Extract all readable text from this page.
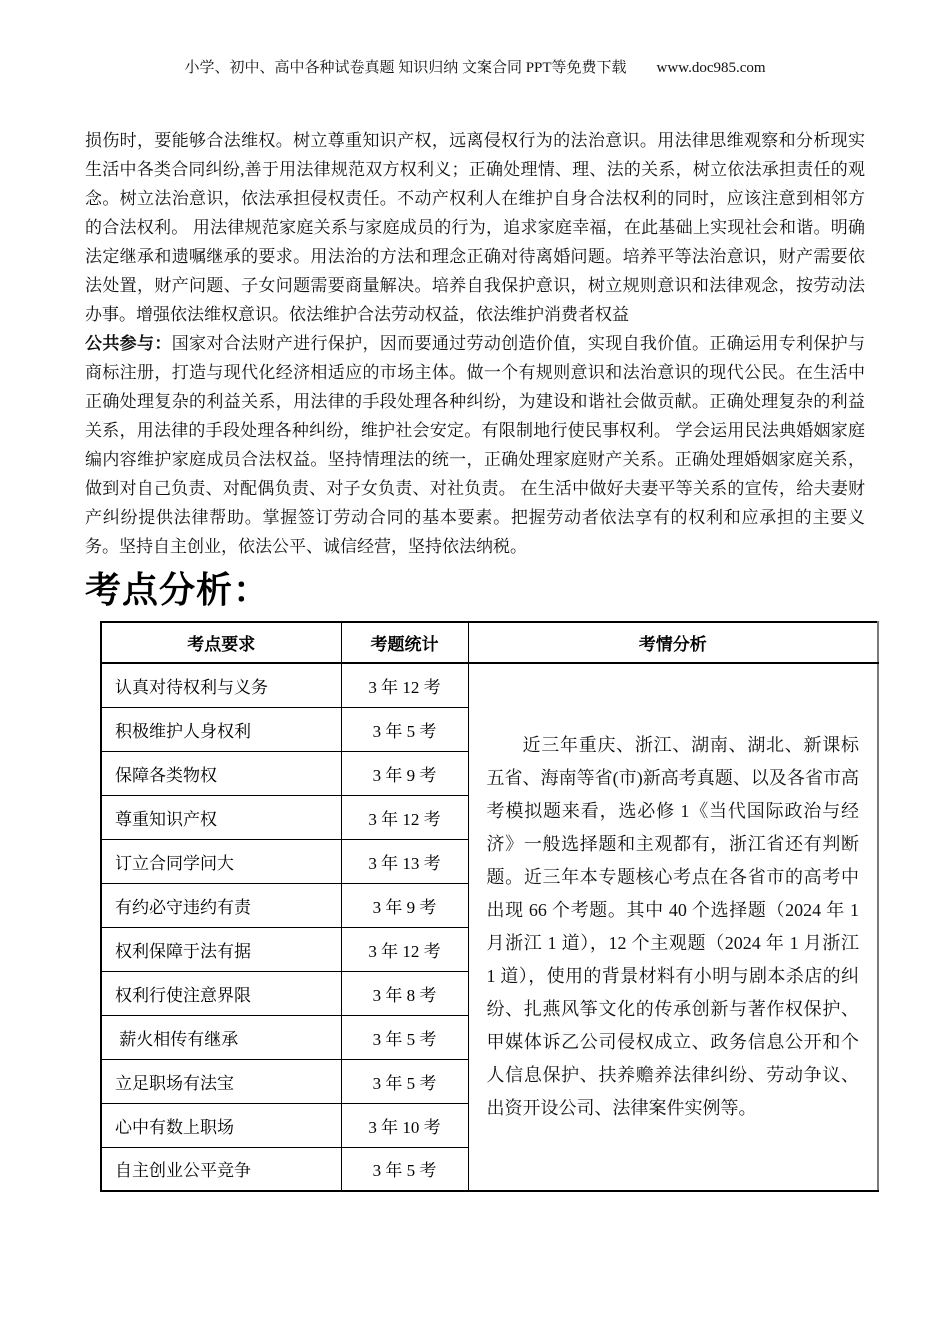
小学、初中、高中各种试卷真题 知识归纳 文案合同 PPT等免费下载 www.doc985.com

损伤时，要能够合法维权。树立尊重知识产权，远离侵权行为的法治意识。用法律思维观察和分析现实生活中各类合同纠纷,善于用法律规范双方权利义；正确处理情、理、法的关系，树立依法承担责任的观念。树立法治意识，依法承担侵权责任。不动产权利人在维护自身合法权利的同时，应该注意到相邻方的合法权利。 用法律规范家庭关系与家庭成员的行为，追求家庭幸福，在此基础上实现社会和谐。明确法定继承和遗嘱继承的要求。用法治的方法和理念正确对待离婚问题。培养平等法治意识，财产需要依法处置，财产问题、子女问题需要商量解决。培养自我保护意识，树立规则意识和法律观念，按劳动法办事。增强依法维权意识。依法维护合法劳动权益，依法维护消费者权益

公共参与：国家对合法财产进行保护，因而要通过劳动创造价值，实现自我价值。正确运用专利保护与商标注册，打造与现代化经济相适应的市场主体。做一个有规则意识和法治意识的现代公民。在生活中正确处理复杂的利益关系，用法律的手段处理各种纠纷，为建设和谐社会做贡献。正确处理复杂的利益关系，用法律的手段处理各种纠纷，维护社会安定。有限制地行使民事权利。 学会运用民法典婚姻家庭编内容维护家庭成员合法权益。坚持情理法的统一，正确处理家庭财产关系。正确处理婚姻家庭关系，做到对自己负责、对配偶负责、对子女负责、对社负责。 在生活中做好夫妻平等关系的宣传，给夫妻财产纠纷提供法律帮助。掌握签订劳动合同的基本要素。把握劳动者依法享有的权利和应承担的主要义务。坚持自主创业，依法公平、诚信经营，坚持依法纳税。

考点分析：
考点要求	考题统计	考情分析
认真对待权利与义务	3 年 12 考	近三年重庆、浙江、湖南、湖北、新课标五省、海南等省(市)新高考真题、以及各省市高考模拟题来看，选必修 1《当代国际政治与经济》一般选择题和主观都有，浙江省还有判断题。近三年本专题核心考点在各省市的高考中出现 66 个考题。其中 40 个选择题（2024 年 1 月浙江 1 道），12 个主观题（2024 年 1 月浙江 1 道），使用的背景材料有小明与剧本杀店的纠纷、扎燕风筝文化的传承创新与著作权保护、甲媒体诉乙公司侵权成立、政务信息公开和个人信息保护、扶养赡养法律纠纷、劳动争议、出资开设公司、法律案件实例等。

积极维护人身权利	3 年 5 考	
保障各类物权	3 年 9 考	
尊重知识产权	3 年 12 考	
订立合同学问大	3 年 13 考	
有约必守违约有责	3 年 9 考	
权利保障于法有据	3 年 12 考	
权利行使注意界限	3 年 8 考	
薪火相传有继承	3 年 5 考	
立足职场有法宝	3 年 5 考	
心中有数上职场	3 年 10 考	
自主创业公平竞争	3 年 5 考	
